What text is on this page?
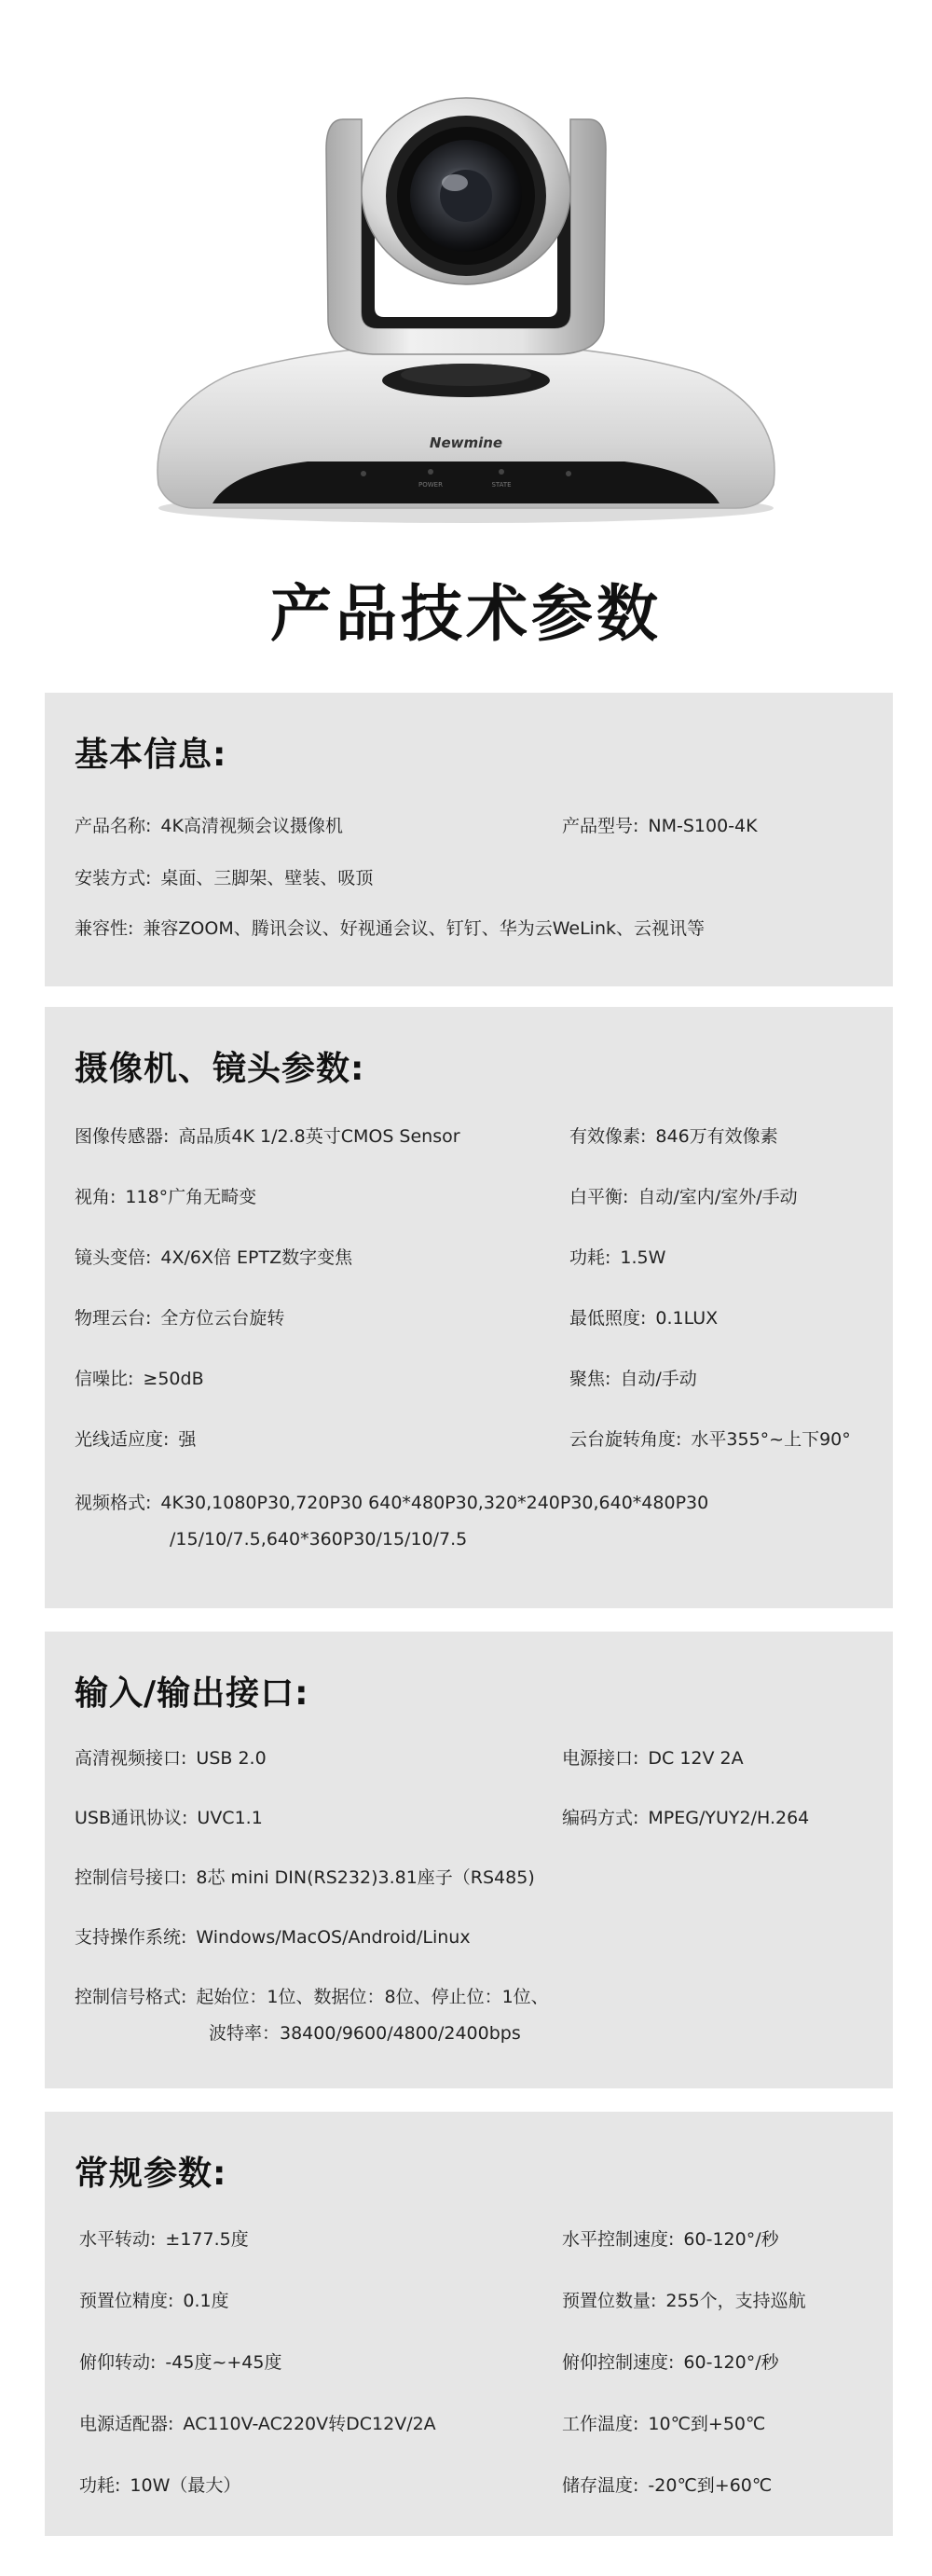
POWER	STATE
Newmine
产品技术参数
基本信息:
产品名称: 4K高清视频会议摄像机	产品型号: NM-S100-4K
安装方式: 桌面、三脚架、壁装、吸顶
兼容性: 兼容ZOOM、腾讯会议、好视通会议、钉钉、华为云WeLink、云视讯等
摄像机、镜头参数:
图像传感器: 高品质4K 1/2.8英寸CMOS Sensor	有效像素: 846万有效像素
视角: 118°广角无畸变	白平衡: 自动/室内/室外/手动
镜头变倍: 4X/6X倍 EPTZ数字变焦	功耗: 1.5W
物理云台: 全方位云台旋转	最低照度: 0.1LUX
信噪比: ≥50dB	聚焦: 自动/手动
光线适应度: 强	云台旋转角度: 水平355°~上下90°
视频格式: 4K30,1080P30,720P30 640*480P30,320*240P30,640*480P30
/15/10/7.5,640*360P30/15/10/7.5
输入/输出接口:
高清视频接口: USB 2.0	电源接口: DC 12V 2A
USB通讯协议: UVC1.1	编码方式: MPEG/YUY2/H.264
控制信号接口: 8芯 mini DIN(RS232)3.81座子（RS485)
支持操作系统: Windows/MacOS/Android/Linux
控制信号格式: 起始位：1位、数据位：8位、停止位：1位、
波特率：38400/9600/4800/2400bps
常规参数:
水平转动: ±177.5度	水平控制速度: 60-120°/秒
预置位精度: 0.1度	预置位数量: 255个，支持巡航
俯仰转动: -45度~+45度	俯仰控制速度: 60-120°/秒
电源适配器: AC110V-AC220V转DC12V/2A	工作温度: 10℃到+50℃
功耗: 10W（最大）	储存温度: -20℃到+60℃
